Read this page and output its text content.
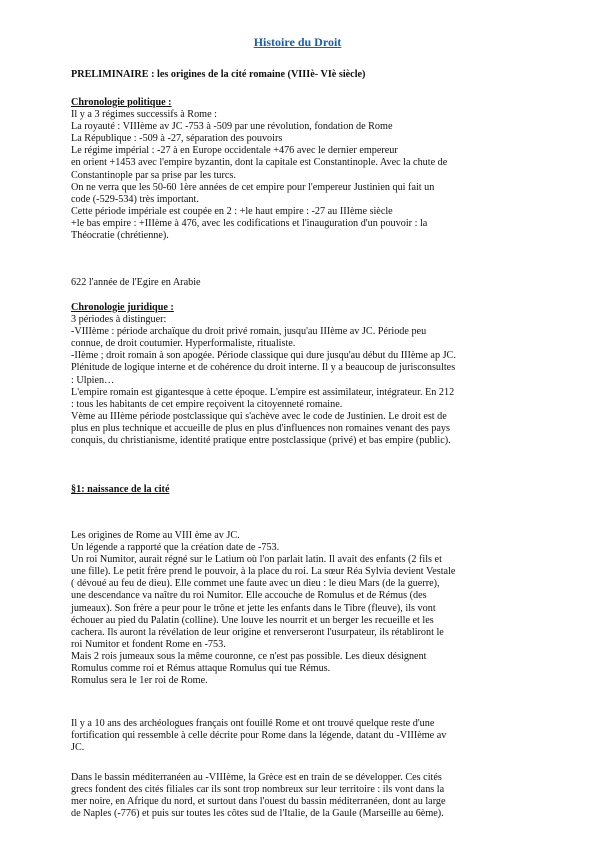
Histoire du Droit
PRELIMINAIRE : les origines de la cité romaine (VIIIè- VIè siècle)
Chronologie politique :
Il y a 3 régimes successifs à Rome :
La royauté : VIIIème av JC -753 à -509 par une révolution, fondation de Rome
La République : -509 à -27, séparation des pouvoirs
Le régime impérial : -27 à en Europe occidentale +476 avec le dernier empereur
en orient +1453 avec l'empire byzantin, dont la capitale est Constantinople. Avec la chute de
Constantinople par sa prise par les turcs.
On ne verra que les 50-60 1ère années de cet empire pour l'empereur Justinien qui fait un
code (-529-534) très important.
Cette période impériale est coupée en 2 : +le haut empire : -27 au IIIème siècle
+le bas empire : +IIIème à 476, avec les codifications et l'inauguration d'un pouvoir : la
Théocratie (chrétienne).
622 l'année de l'Egire en Arabie
Chronologie juridique :
3 périodes à distinguer:
-VIIIème : période archaïque du droit privé romain, jusqu'au IIIème av JC. Période peu
connue, de droit coutumier. Hyperformaliste, ritualiste.
-IIème ; droit romain à son apogée. Période classique qui dure jusqu'au début du IIIème ap JC.
Plénitude de logique interne et de cohérence du droit interne. Il y a beaucoup de jurisconsultes
: Ulpien…
L'empire romain est gigantesque à cette époque. L'empire est assimilateur, intégrateur. En 212
: tous les habitants de cet empire reçoivent la citoyenneté romaine.
Vème au IIIème période postclassique qui s'achève avec le code de Justinien. Le droit est de
plus en plus technique et accueille de plus en plus d'influences non romaines venant des pays
conquis, du christianisme, identité pratique entre postclassique (privé) et bas empire (public).
§1: naissance de la cité
Les origines de Rome au VIII ème av JC.
Un légende a rapporté que la création date de -753.
Un roi Numitor, aurait régné sur le Latium où l'on parlait latin. Il avait des enfants (2 fils et
une fille). Le petit frère prend le pouvoir, à la place du roi. La sœur Réa Sylvia devient Vestale
( dévoué au feu de dieu). Elle commet une faute avec un dieu : le dieu Mars (de la guerre),
une descendance va naître du roi Numitor. Elle accouche de Romulus et de Rémus (des
jumeaux). Son frère a peur pour le trône et jette les enfants dans le Tibre (fleuve), ils vont
échouer au pied du Palatin (colline). Une louve les nourrit et un berger les recueille et les
cachera. Ils auront la révélation de leur origine et renverseront l'usurpateur, ils rétabliront le
roi Numitor et fondent Rome en -753.
Mais 2 rois jumeaux sous la même couronne, ce n'est pas possible. Les dieux désignent
Romulus comme roi et Rémus attaque Romulus qui tue Rémus.
Romulus sera le 1er roi de Rome.
Il y a 10 ans des archéologues français ont fouillé Rome et ont trouvé quelque reste d'une
fortification qui ressemble à celle décrite pour Rome dans la légende, datant du -VIIIème av
JC.
Dans le bassin méditerranéen au -VIIIème, la Grèce est en train de se développer. Ces cités
grecs fondent des cités filiales car ils sont trop nombreux sur leur territoire : ils vont dans la
mer noire, en Afrique du nord, et surtout dans l'ouest du bassin méditerranéen, dont au large
de Naples (-776) et puis sur toutes les côtes sud de l'Italie, de la Gaule (Marseille au 6ème).
